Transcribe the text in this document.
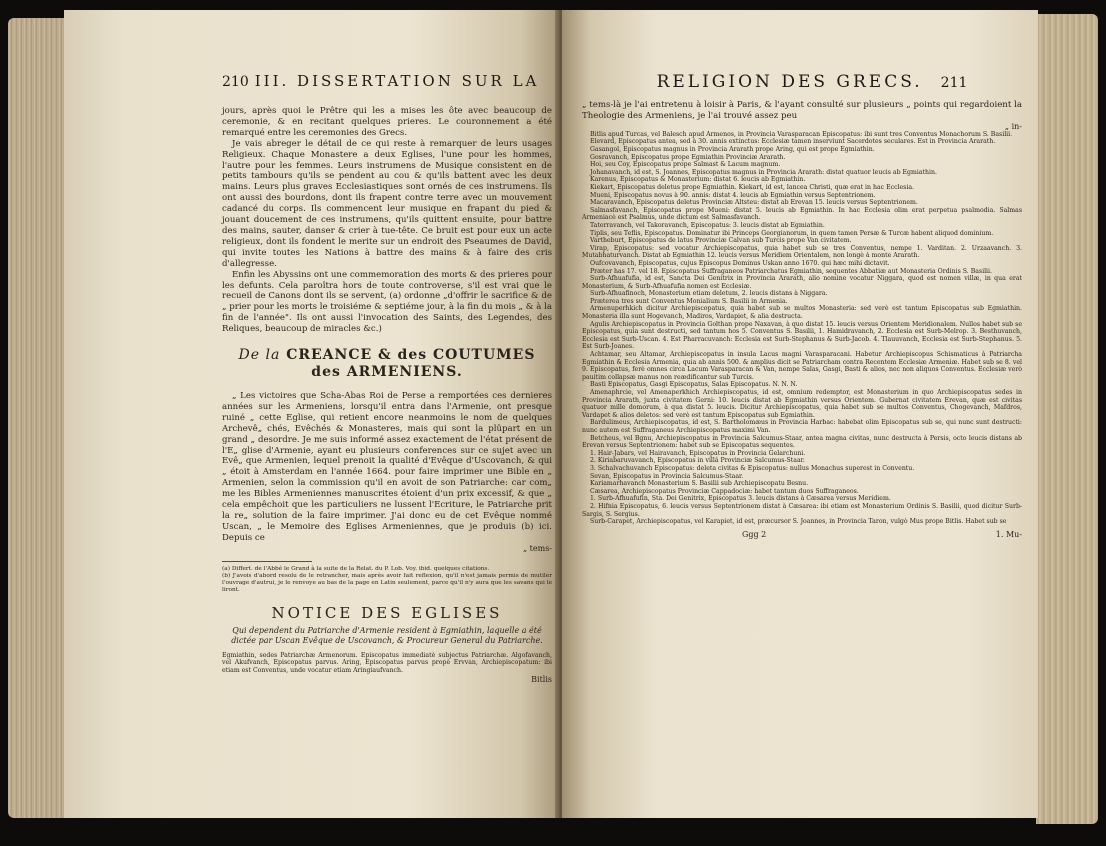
210 III. DISSERTATION SUR LA

jours, après quoi le Prêtre qui les a mises les ôte avec beaucoup de ceremonie, & en recitant quelques prieres. Le couronnement a été remarqué entre les ceremonies des Grecs.

Je vais abreger le détail de ce qui reste à remarquer de leurs usages Religieux. Chaque Monastere a deux Eglises, l'une pour les hommes, l'autre pour les femmes. Leurs instrumens de Musique consistent en de petits tambours qu'ils se pendent au cou & qu'ils battent avec les deux mains. Leurs plus graves Ecclesiastiques sont ornés de ces instrumens. Ils ont aussi des bourdons, dont ils frapent contre terre avec un mouvement cadancé du corps. Ils commencent leur musique en frapant du pied & jouant doucement de ces instrumens, qu'ils quittent ensuite, pour battre des mains, sauter, danser & crier à tue-tête. Ce bruit est pour eux un acte religieux, dont ils fondent le merite sur un endroit des Pseaumes de David, qui invite toutes les Nations à battre des mains & à faire des cris d'allegresse.

Enfin les Abyssins ont une commemoration des morts & des prieres pour les defunts. Cela paroîtra hors de toute controverse, s'il est vrai que le recueil de Canons dont ils se servent, (a) ordonne „d'offrir le sacrifice & de „ prier pour les morts le troisiéme & septiéme jour, à la fin du mois „ & à la fin de l'année". Ils ont aussi l'invocation des Saints, des Legendes, des Reliques, beaucoup de miracles &c.)

De la CREANCE & des COUTUMES des ARMENIENS.

„ Les victoires que Scha-Abas Roi de Perse a remportées ces dernieres années sur les Armeniens, lorsqu'il entra dans l'Armenie, ont presque ruiné „ cette Eglise, qui retient encore neanmoins le nom de quelques Archevê„ chés, Evêchés & Monasteres, mais qui sont la plûpart en un grand „ desordre. Je me suis informé assez exactement de l'état présent de l'E„ glise d'Armenie, ayant eu plusieurs conferences sur ce sujet avec un Evê„ que Armenien, lequel prenoit la qualité d'Evêque d'Uscovanch, & qui „ étoit à Amsterdam en l'année 1664. pour faire imprimer une Bible en „ Armenien, selon la commission qu'il en avoit de son Patriarche: car com„ me les Bibles Armeniennes manuscrites étoient d'un prix excessif, & que „ cela empêchoit que les particuliers ne lussent l'Ecriture, le Patriarche prit la re„ solution de la faire imprimer. J'ai donc eu de cet Evêque nommé Uscan, „ le Memoire des Eglises Armeniennes, que je produis (b) ici. Depuis ce

„ tems-

(a) Differt. de l'Abbé le Grand à la suite de la Relat. du P. Lob. Voy. ibid. quelques citations.

(b) J'avois d'abord resolu de le retrancher, mais après avoir fait reflexion, qu'il n'est jamais permis de mutiler l'ouvrage d'autrui, je le renvoye au bas de la page en Latin seulement, parce qu'il n'y aura que les savans qui le liront.

NOTICE DES EGLISES

Qui dependent du Patriarche d'Armenie resident à Egmiathin, laquelle a été dictée par Uscan Evêque de Uscovanch, & Procureur General du Patriarche.

Egmiathin, sedes Patriarchæ Armenorum. Episcopatus immediatè subjectus Patriarchæ. Algofavanch, vel Akufvanch, Episcopatus parvus. Aring, Episcopatus parvus propè Ervvan, Archiepiscopatum: ibi etiam est Conventus, unde vocatur etiam Aringiaufvanch.

Bitlis

RELIGION DES GRECS. 211

„ tems-là je l'ai entretenu à loisir à Paris, & l'ayant consulté sur plusieurs „ points qui regardoient la Theologie des Armeniens, je l'ai trouvé assez peu

„ in-

Bitlis apud Turcas, vel Balesch apud Armenos, in Provincia Varasparacan Episcopatus: ibi sunt tres Conventus Monachorum S. Basilii.

Elevard, Episcopatus antea, sed à 30. annis extinctus: Ecclesiæ tamen inserviunt Sacerdotes seculares. Est in Provincia Ararath.

Gasangol, Episcopatus magnus in Provincia Ararath prope Aring, qui est prope Egmiathin.

Gosravanch, Episcopatus prope Egmiathin Provinciæ Ararath.

Hoi, seu Coy, Episcopatus prope Salmast & Lacum magnum.

Johanavanch, id est, S. Joannes, Episcopatus magnus in Provincia Ararath: distat quatuor leucis ab Egmiathin.

Karenus, Episcopatus & Monasterium: distat 6. leucis ab Egmiathin.

Kiekart, Episcopatus deletus prope Egmiathin. Kiekart, id est, lancea Christi, quæ erat in hac Ecclesia.

Mueni, Episcopatus novus à 90. annis: distat 4. leucis ab Egmiathin versus Septentrionem.

Macaravanch, Episcopatus deletus Provinciæ Altsteu: distat ab Erevan 15. leucis versus Septentrionem.

Salmasfavanch, Episcopatus prope Mueni: distat 5. leucis ab Egmiathin. In hac Ecclesia olim erat perpetua psalmodia. Salmas Armeniacè est Psalmus, unde dictum est Salmasfavanch.

Taterravanch, vel Takoravanch, Episcopatus: 3. leucis distat ab Egmiathin.

Tiplis, seu Teflis, Episcopatus. Dominatur ibi Princeps Georgianorum, in quem tamen Persæ & Turcæ habent aliquod dominium.

Vartheburt, Episcopatus de latus Provinciæ Calvan sub Turcis prope Van civitatem.

Virap, Episcopatus: sed vocatur Archiepiscopatus, quia habet sub se tres Conventus, nempe 1. Varditan. 2. Urzaavanch. 3. Mutabhaturvanch. Distat ab Egmiathin 12. leucis versus Meridiem Orientalem, non longè à monte Ararath.

Oufcovavanch, Episcopatus, cujus Episcopus Dominus Uskan anno 1670. qui hæc mihi dictavit.

Præter has 17. vel 18. Episcopatus Suffraganeos Patriarchatus Egmiathin, sequentes Abbatiæ aut Monasteria Ordinis S. Basilii.

Surb-Afhuafufia, id est, Sancta Dei Genitrix in Provincia Ararath, alio nomine vocatur Niggara, quod est nomen villæ, in qua erat Monasterium, & Surb-Afhuafufia nomen est Ecclesiæ.

Surb-Afhuafinoch, Monasterium etiam deletum, 2. leucis distans à Niggara.

Præterea tres sunt Conventus Monialium S. Basilii in Armenia.

Armenuperhkich dicitur Archiepiscopatus, quia habet sub se multos Monasteria: sed verè est tantum Episcopatus sub Egmiathin. Monasteria illa sunt Hogevanch, Madiros, Vardapiet, & alia destructa.

Agulis Archiepiscopatus in Provincia Golthan prope Naxavan, à quo distat 15. leucis versus Orientem Meridionalem. Nullos habet sub se Episcopatus, quia sunt destructi, sed tantum hos 5. Conventus S. Basilii, 1. Hamidravanch, 2. Ecclesia est Surb-Melrop. 3. Besthuvanch, Ecclesia est Surb-Uscan. 4. Est Pharracuvanch: Ecclesia est Surb-Stephanus & Surb-Jacob. 4. Tlauuvanch, Ecclesia est Surb-Stephanus. 5. Est Surb-Joanes.

Achtamar, seu Altamar, Archiepiscopatus in insula Lacus magni Varasparacani. Habetur Archiepiscopus Schismaticus à Patriarcha Egmiathin & Ecclesia Armenia, quia ab annis 500. & amplius dicit se Patriarcham contra Recentem Ecclesiæ Armeniæ. Habet sub se 8. vel 9. Episcopatus, ferè omnes circa Lacum Varasparacan & Van, nempe Salas, Gasgi, Basti & alios, nec non aliquos Conventus. Ecclesiæ verò pauitim collapsæ manus non reædificantur sub Turcis.

Basti Episcopatus, Gasgi Episcopatus, Salas Episcopatus. N. N. N.

Amenaphrcie, vel Amenaperkhich Archiepiscopatus, id est, omnium redemptor, est Monasterium in quo Archiepiscopatus sedes in Provincia Ararath, juxta civitatem Gerni: 10. leucis distat ab Egmiathin versus Orientem. Gubernat civitatem Erevan, quæ est civitas quatuor mille domorum, à qua distat 5. leucis. Dicitur Archiepiscopatus, quia habet sub se multos Conventus, Chogevanch, Mafdros, Vardapet & alios deletos: sed verè est tantum Episcopatus sub Egmiathin.

Bardulimeus, Archiepiscopatus, id est, S. Bartholomæus in Provincia Harbac: habebat olim Episcopatus sub se, qui nunc sunt destructi: nunc autem est Suffraganeus Archiepiscopatus maximi Van.

Betcheus, vel Bgnu, Archiepiscopatus in Provincia Salcumus-Staar, antea magna civitas, nunc destructa à Persis, octo leucis distans ab Erevan versus Septentrionem: habet sub se Episcopatus sequentes.

1. Hair-Jabars, vel Hairavanch, Episcopatus in Provincia Gelarchuni.

2. Kiriabaruvavanch, Episcopatus in villâ Provinciæ Salcumus-Staar.

3. Schalvachuvanch Episcopatus: deleta civitas & Episcopatus: nullus Monachus superest in Conventu.

Sevan, Episcopatus in Provincia Salcumus-Staar.

Kariamarhavanch Monasterium S. Basilii sub Archiepiscopatu Besnu.

Cæsarea, Archiepiscopatus Provinciæ Cappadociæ: habet tantum duos Suffraganeos.

1. Surb-Afhuafufin, Sta. Dei Genitrix, Episcopatus 3. leucis distans à Cæsarea versus Meridiem.

2. Hifnia Episcopatus, 6. leucis versus Septentrionem distat à Cæsarea: ibi etiam est Monasterium Ordinis S. Basilii, quod dicitur Surb-Sargis, S. Sergius.

Surb-Carapet, Archiepiscopatus, vel Karapiet, id est, præcursor S. Joannes, in Provincia Taron, vulgò Mus prope Bitlis. Habet sub se

Ggg 2	1. Mu-
